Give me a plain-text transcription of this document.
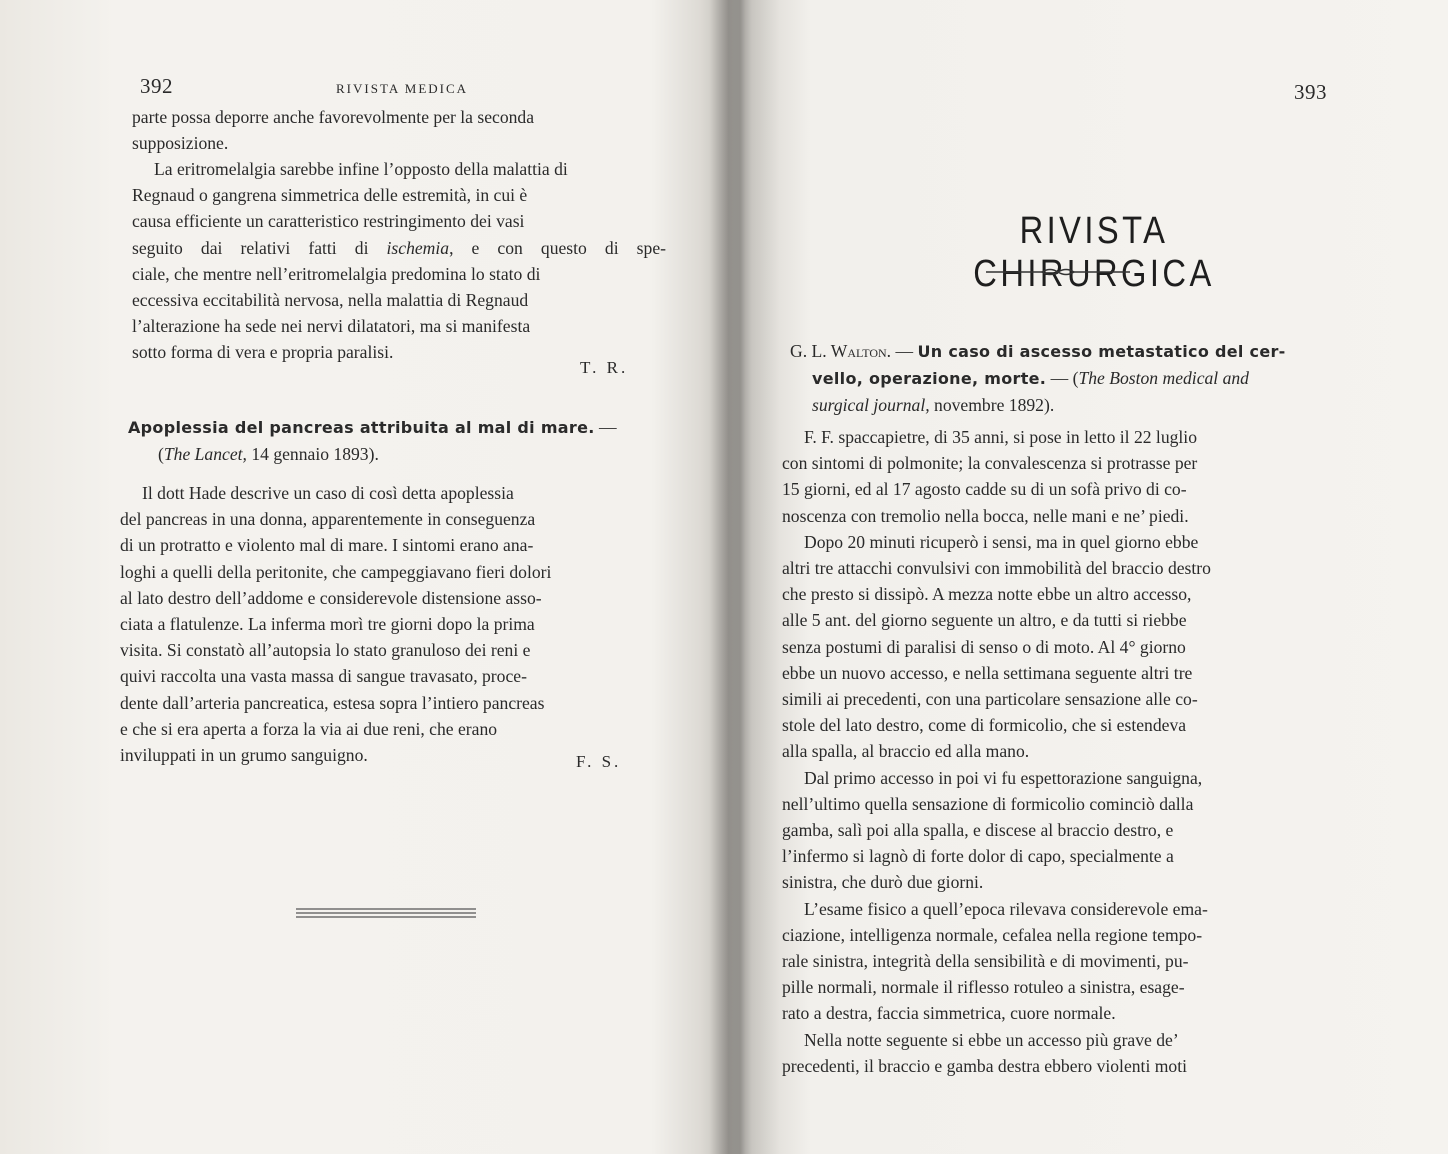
392	RIVISTA MEDICA

parte possa deporre anche favorevolmente per la seconda

supposizione.

La eritromelalgia sarebbe infine l’opposto della malattia di

Regnaud o gangrena simmetrica delle estremità, in cui è

causa efficiente un caratteristico restringimento dei vasi

seguito dai relativi fatti di ischemia, e con questo di spe-

ciale, che mentre nell’eritromelalgia predomina lo stato di

eccessiva eccitabilità nervosa, nella malattia di Regnaud

l’alterazione ha sede nei nervi dilatatori, ma si manifesta

sotto forma di vera e propria paralisi.

T. R.

Apoplessia del pancreas attribuita al mal di mare. —

(The Lancet, 14 gennaio 1893).

Il dott Hade descrive un caso di così detta apoplessia

del pancreas in una donna, apparentemente in conseguenza

di un protratto e violento mal di mare. I sintomi erano ana-

loghi a quelli della peritonite, che campeggiavano fieri dolori

al lato destro dell’addome e considerevole distensione asso-

ciata a flatulenze. La inferma morì tre giorni dopo la prima

visita. Si constatò all’autopsia lo stato granuloso dei reni e

quivi raccolta una vasta massa di sangue travasato, proce-

dente dall’arteria pancreatica, estesa sopra l’intiero pancreas

e che si era aperta a forza la via ai due reni, che erano

inviluppati in un grumo sanguigno.	F. S.
393
RIVISTA CHIRURGICA

G. L. Walton. — Un caso di ascesso metastatico del cer-

vello, operazione, morte. — (The Boston medical and

surgical journal, novembre 1892).

F. F. spaccapietre, di 35 anni, si pose in letto il 22 luglio

con sintomi di polmonite; la convalescenza si protrasse per

15 giorni, ed al 17 agosto cadde su di un sofà privo di co-

noscenza con tremolio nella bocca, nelle mani e ne’ piedi.

Dopo 20 minuti ricuperò i sensi, ma in quel giorno ebbe

altri tre attacchi convulsivi con immobilità del braccio destro

che presto si dissipò. A mezza notte ebbe un altro accesso,

alle 5 ant. del giorno seguente un altro, e da tutti si riebbe

senza postumi di paralisi di senso o di moto. Al 4° giorno

ebbe un nuovo accesso, e nella settimana seguente altri tre

simili ai precedenti, con una particolare sensazione alle co-

stole del lato destro, come di formicolio, che si estendeva

alla spalla, al braccio ed alla mano.

Dal primo accesso in poi vi fu espettorazione sanguigna,

nell’ultimo quella sensazione di formicolio cominciò dalla

gamba, salì poi alla spalla, e discese al braccio destro, e

l’infermo si lagnò di forte dolor di capo, specialmente a

sinistra, che durò due giorni.

L’esame fisico a quell’epoca rilevava considerevole ema-

ciazione, intelligenza normale, cefalea nella regione tempo-

rale sinistra, integrità della sensibilità e di movimenti, pu-

pille normali, normale il riflesso rotuleo a sinistra, esage-

rato a destra, faccia simmetrica, cuore normale.

Nella notte seguente si ebbe un accesso più grave de’

precedenti, il braccio e gamba destra ebbero violenti moti
